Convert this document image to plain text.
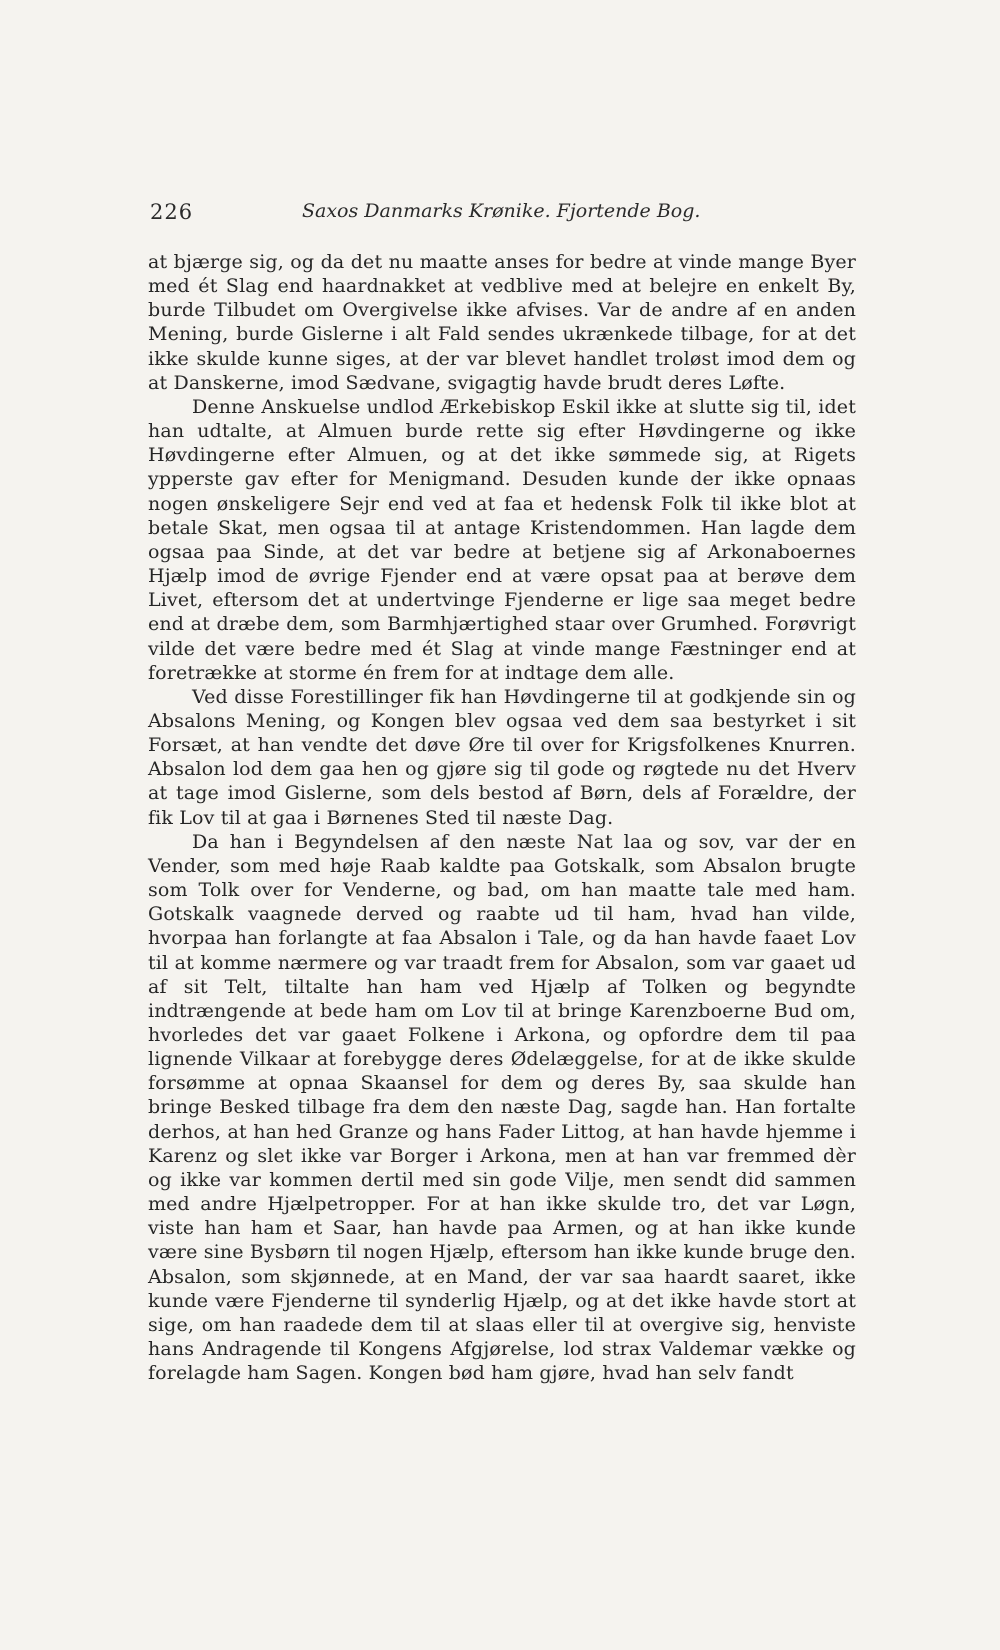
226	Saxos Danmarks Krønike. Fjortende Bog.

at bjærge sig, og da det nu maatte anses for bedre at vinde mange Byer med ét Slag end haardnakket at vedblive med at belejre en enkelt By, burde Tilbudet om Overgivelse ikke afvises. Var de andre af en anden Mening, burde Gislerne i alt Fald sendes ukrænkede tilbage, for at det ikke skulde kunne siges, at der var blevet handlet troløst imod dem og at Danskerne, imod Sædvane, svigagtig havde brudt deres Løfte.

Denne Anskuelse undlod Ærkebiskop Eskil ikke at slutte sig til, idet han udtalte, at Almuen burde rette sig efter Høvdingerne og ikke Høvdingerne efter Almuen, og at det ikke sømmede sig, at Rigets ypperste gav efter for Menigmand. Desuden kunde der ikke opnaas nogen ønskeligere Sejr end ved at faa et hedensk Folk til ikke blot at betale Skat, men ogsaa til at antage Kristendommen. Han lagde dem ogsaa paa Sinde, at det var bedre at betjene sig af Arkonaboernes Hjælp imod de øvrige Fjender end at være opsat paa at berøve dem Livet, eftersom det at undertvinge Fjenderne er lige saa meget bedre end at dræbe dem, som Barmhjærtighed staar over Grumhed. Forøvrigt vilde det være bedre med ét Slag at vinde mange Fæstninger end at foretrække at storme én frem for at indtage dem alle.

Ved disse Forestillinger fik han Høvdingerne til at godkjende sin og Absalons Mening, og Kongen blev ogsaa ved dem saa bestyrket i sit Forsæt, at han vendte det døve Øre til over for Krigsfolkenes Knurren. Absalon lod dem gaa hen og gjøre sig til gode og røgtede nu det Hverv at tage imod Gislerne, som dels bestod af Børn, dels af Forældre, der fik Lov til at gaa i Børnenes Sted til næste Dag.

Da han i Begyndelsen af den næste Nat laa og sov, var der en Vender, som med høje Raab kaldte paa Gotskalk, som Absalon brugte som Tolk over for Venderne, og bad, om han maatte tale med ham. Gotskalk vaagnede derved og raabte ud til ham, hvad han vilde, hvorpaa han forlangte at faa Absalon i Tale, og da han havde faaet Lov til at komme nærmere og var traadt frem for Absalon, som var gaaet ud af sit Telt, tiltalte han ham ved Hjælp af Tolken og begyndte indtrængende at bede ham om Lov til at bringe Karenzboerne Bud om, hvorledes det var gaaet Folkene i Arkona, og opfordre dem til paa lignende Vilkaar at forebygge deres Ødelæggelse, for at de ikke skulde forsømme at opnaa Skaansel for dem og deres By, saa skulde han bringe Besked tilbage fra dem den næste Dag, sagde han. Han fortalte derhos, at han hed Granze og hans Fader Littog, at han havde hjemme i Karenz og slet ikke var Borger i Arkona, men at han var fremmed dèr og ikke var kommen dertil med sin gode Vilje, men sendt did sammen med andre Hjælpetropper. For at han ikke skulde tro, det var Løgn, viste han ham et Saar, han havde paa Armen, og at han ikke kunde være sine Bysbørn til nogen Hjælp, eftersom han ikke kunde bruge den. Absalon, som skjønnede, at en Mand, der var saa haardt saaret, ikke kunde være Fjenderne til synderlig Hjælp, og at det ikke havde stort at sige, om han raadede dem til at slaas eller til at overgive sig, henviste hans Andragende til Kongens Afgjørelse, lod strax Valdemar vække og forelagde ham Sagen. Kongen bød ham gjøre, hvad han selv fandt
